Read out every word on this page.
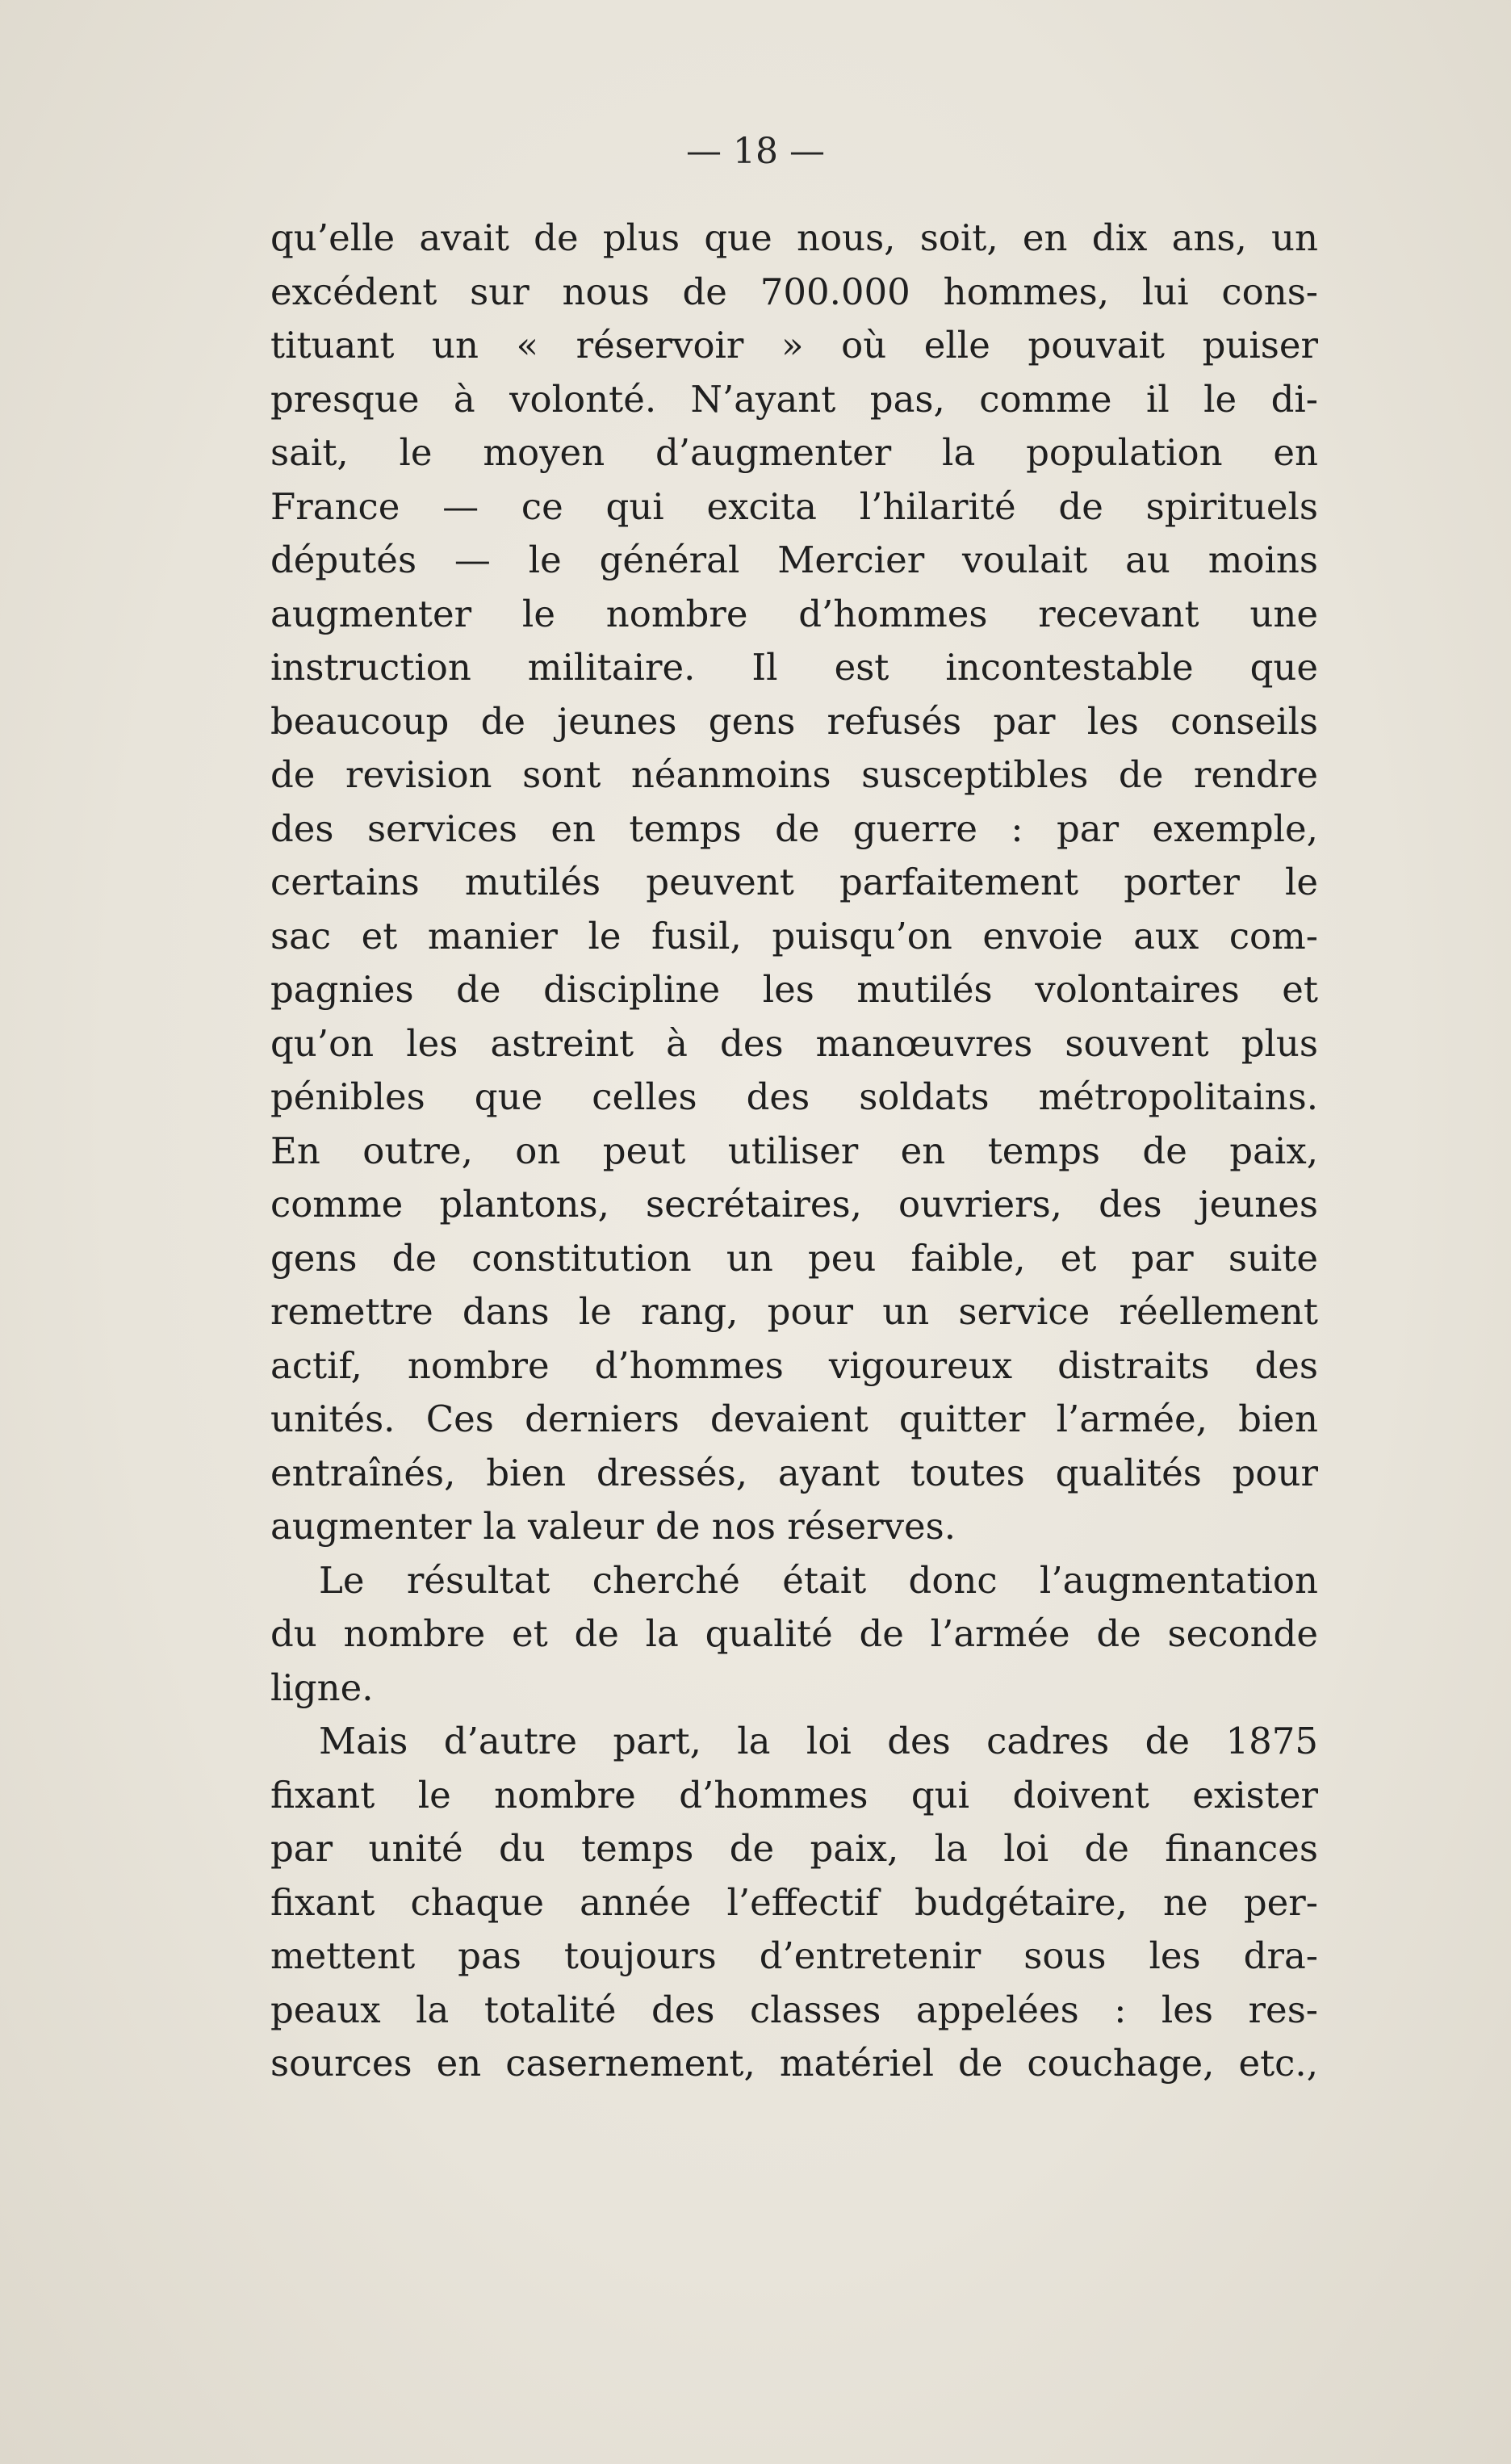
— 18 —
qu’elle avait de plus que nous, soit, en dix ans, un
excédent sur nous de 700.000 hommes, lui cons-
tituant un « réservoir » où elle pouvait puiser
presque à volonté. N’ayant pas, comme il le di-
sait, le moyen d’augmenter la population en
France — ce qui excita l’hilarité de spirituels
députés — le général Mercier voulait au moins
augmenter le nombre d’hommes recevant une
instruction militaire. Il est incontestable que
beaucoup de jeunes gens refusés par les conseils
de revision sont néanmoins susceptibles de rendre
des services en temps de guerre : par exemple,
certains mutilés peuvent parfaitement porter le
sac et manier le fusil, puisqu’on envoie aux com-
pagnies de discipline les mutilés volontaires et
qu’on les astreint à des manœuvres souvent plus
pénibles que celles des soldats métropolitains.
En outre, on peut utiliser en temps de paix,
comme plantons, secrétaires, ouvriers, des jeunes
gens de constitution un peu faible, et par suite
remettre dans le rang, pour un service réellement
actif, nombre d’hommes vigoureux distraits des
unités. Ces derniers devaient quitter l’armée, bien
entraînés, bien dressés, ayant toutes qualités pour
augmenter la valeur de nos réserves.
Le résultat cherché était donc l’augmentation
du nombre et de la qualité de l’armée de seconde
ligne.
Mais d’autre part, la loi des cadres de 1875
fixant le nombre d’hommes qui doivent exister
par unité du temps de paix, la loi de finances
fixant chaque année l’effectif budgétaire, ne per-
mettent pas toujours d’entretenir sous les dra-
peaux la totalité des classes appelées : les res-
sources en casernement, matériel de couchage, etc.,
